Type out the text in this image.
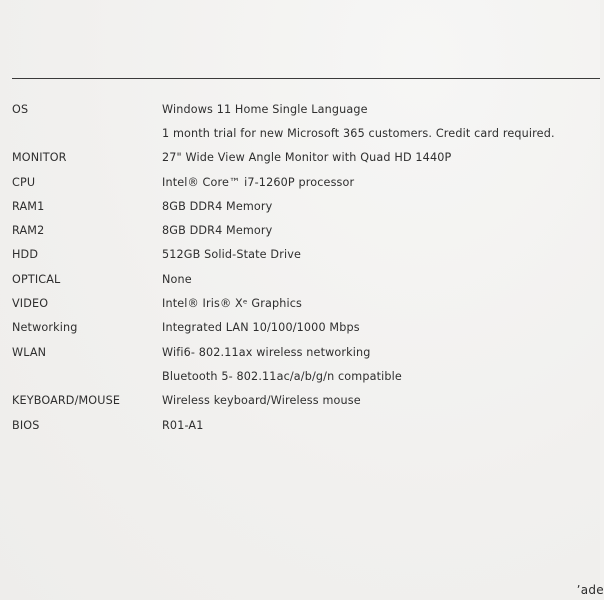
OS	Windows 11 Home Single Language
	1 month trial for new Microsoft 365 customers. Credit card required.
MONITOR	27" Wide View Angle Monitor with Quad HD 1440P
CPU	Intel® Core™ i7-1260P processor
RAM1	8GB DDR4 Memory
RAM2	8GB DDR4 Memory
HDD	512GB Solid-State Drive
OPTICAL	None
VIDEO	Intel® Iris® Xᵉ Graphics
Networking	Integrated LAN 10/100/1000 Mbps
WLAN	Wifi6- 802.11ax wireless networking
	Bluetooth 5- 802.11ac/a/b/g/n compatible
KEYBOARD/MOUSE	Wireless keyboard/Wireless mouse
BIOS	R01-A1
ʼade
